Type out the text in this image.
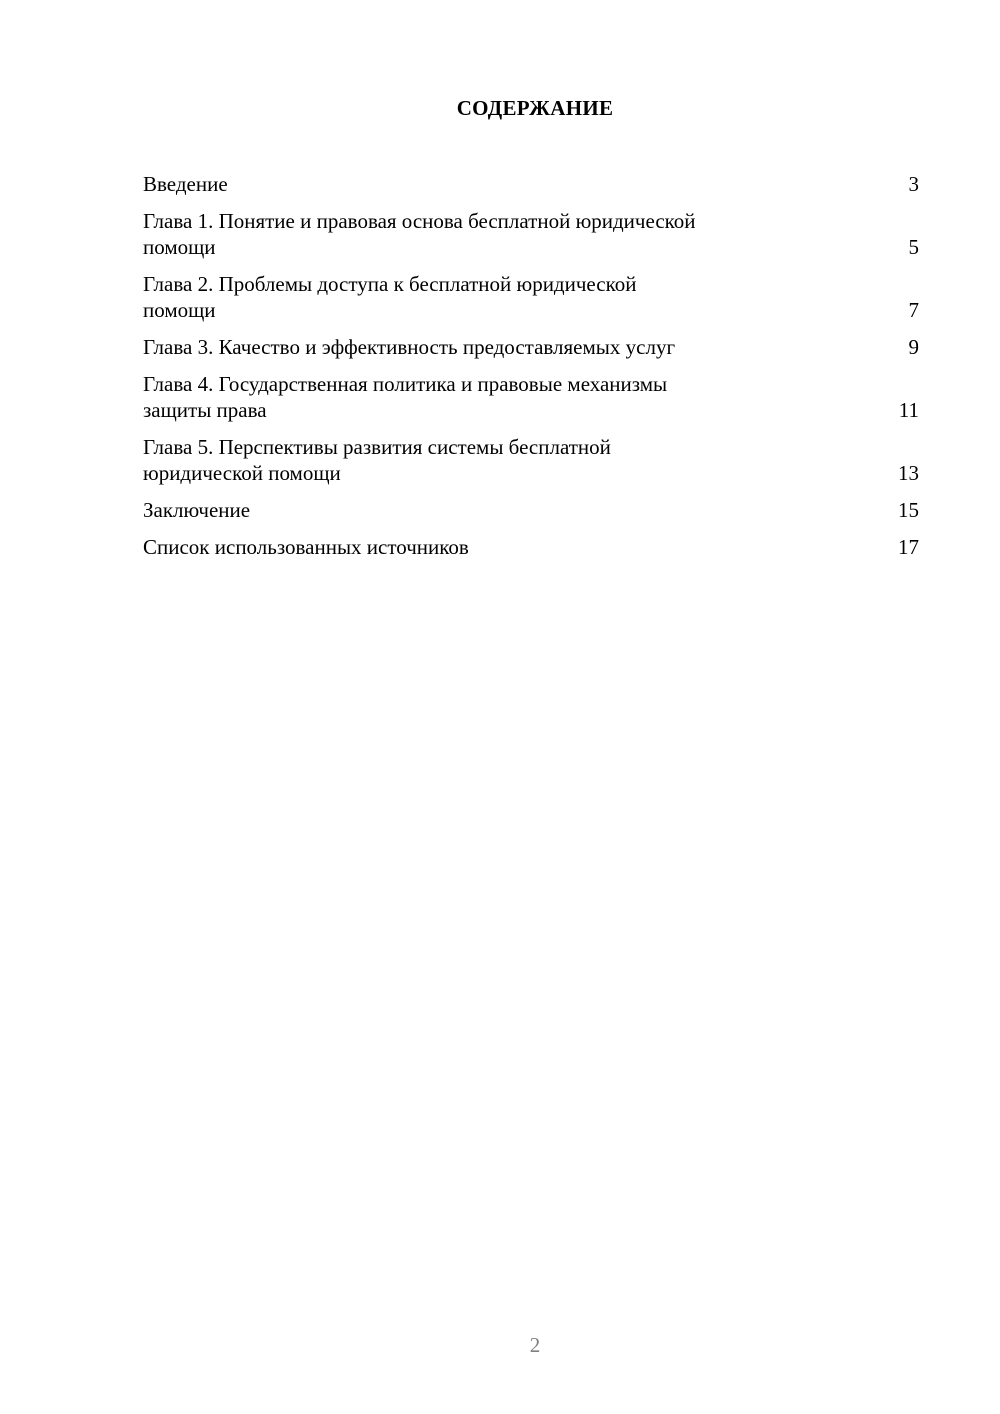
СОДЕРЖАНИЕ
Введение	3
Глава 1. Понятие и правовая основа бесплатной юридической
помощи	5
Глава 2. Проблемы доступа к бесплатной юридической
помощи	7
Глава 3. Качество и эффективность предоставляемых услуг	9
Глава 4. Государственная политика и правовые механизмы
защиты права	11
Глава 5. Перспективы развития системы бесплатной
юридической помощи	13
Заключение	15
Список использованных источников	17
2
